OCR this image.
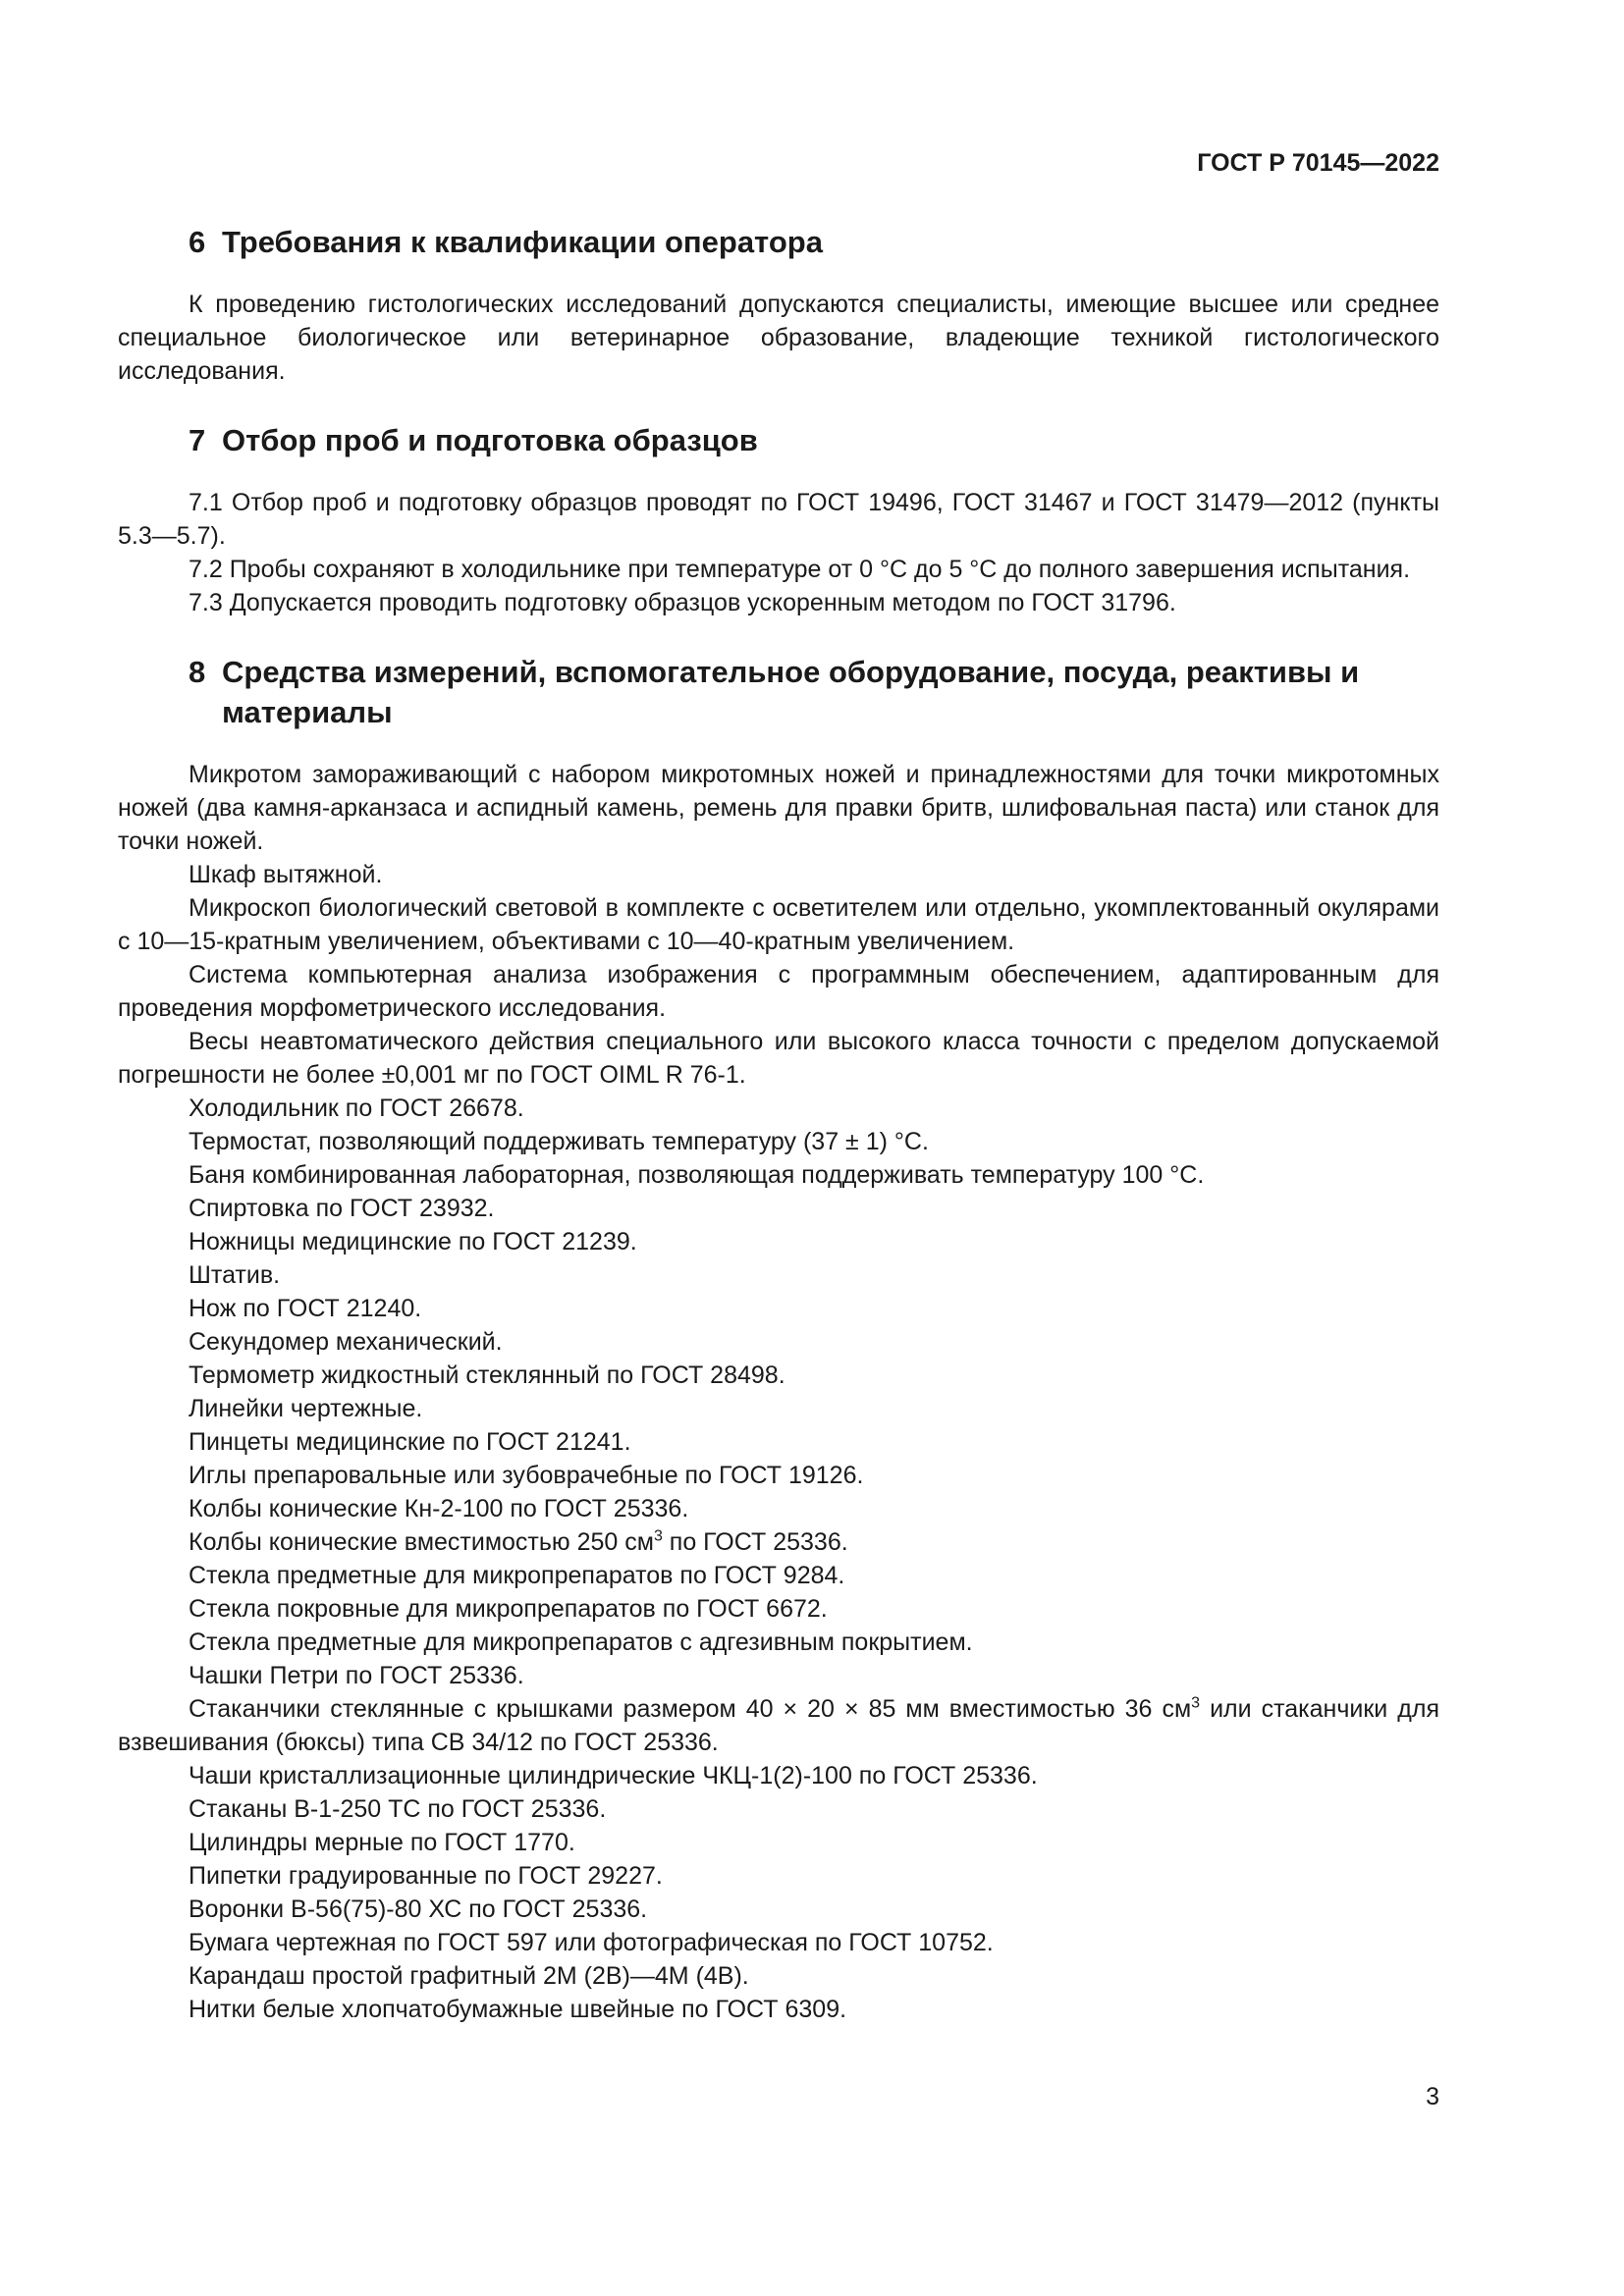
ГОСТ Р 70145—2022
6 Требования к квалификации оператора

К проведению гистологических исследований допускаются специалисты, имеющие высшее или среднее специальное биологическое или ветеринарное образование, владеющие техникой гистологического исследования.

7 Отбор проб и подготовка образцов

7.1 Отбор проб и подготовку образцов проводят по ГОСТ 19496, ГОСТ 31467 и ГОСТ 31479—2012 (пункты 5.3—5.7).

7.2 Пробы сохраняют в холодильнике при температуре от 0 °С до 5 °С до полного завершения испытания.

7.3 Допускается проводить подготовку образцов ускоренным методом по ГОСТ 31796.

8 Средства измерений, вспомогательное оборудование, посуда, реактивы и материалы

Микротом замораживающий с набором микротомных ножей и принадлежностями для точки микротомных ножей (два камня-арканзаса и аспидный камень, ремень для правки бритв, шлифовальная паста) или станок для точки ножей.

Шкаф вытяжной.

Микроскоп биологический световой в комплекте с осветителем или отдельно, укомплектованный окулярами с 10—15-кратным увеличением, объективами с 10—40-кратным увеличением.

Система компьютерная анализа изображения с программным обеспечением, адаптированным для проведения морфометрического исследования.

Весы неавтоматического действия специального или высокого класса точности с пределом допускаемой погрешности не более ±0,001 мг по ГОСТ OIML R 76-1.

Холодильник по ГОСТ 26678.

Термостат, позволяющий поддерживать температуру (37 ± 1) °С.

Баня комбинированная лабораторная, позволяющая поддерживать температуру 100 °С.

Спиртовка по ГОСТ 23932.

Ножницы медицинские по ГОСТ 21239.

Штатив.

Нож по ГОСТ 21240.

Секундомер механический.

Термометр жидкостный стеклянный по ГОСТ 28498.

Линейки чертежные.

Пинцеты медицинские по ГОСТ 21241.

Иглы препаровальные или зубоврачебные по ГОСТ 19126.

Колбы конические Кн-2-100 по ГОСТ 25336.

Колбы конические вместимостью 250 $см^3$ по ГОСТ 25336.

Стекла предметные для микропрепаратов по ГОСТ 9284.

Стекла покровные для микропрепаратов по ГОСТ 6672.

Стекла предметные для микропрепаратов с адгезивным покрытием.

Чашки Петри по ГОСТ 25336.

Стаканчики стеклянные с крышками размером 40 × 20 × 85 мм вместимостью 36 $см^3$ или стаканчики для взвешивания (бюксы) типа СВ 34/12 по ГОСТ 25336.

Чаши кристаллизационные цилиндрические ЧКЦ-1(2)-100 по ГОСТ 25336.

Стаканы В-1-250 ТС по ГОСТ 25336.

Цилиндры мерные по ГОСТ 1770.

Пипетки градуированные по ГОСТ 29227.

Воронки В-56(75)-80 ХС по ГОСТ 25336.

Бумага чертежная по ГОСТ 597 или фотографическая по ГОСТ 10752.

Карандаш простой графитный 2М (2В)—4М (4В).

Нитки белые хлопчатобумажные швейные по ГОСТ 6309.

3
